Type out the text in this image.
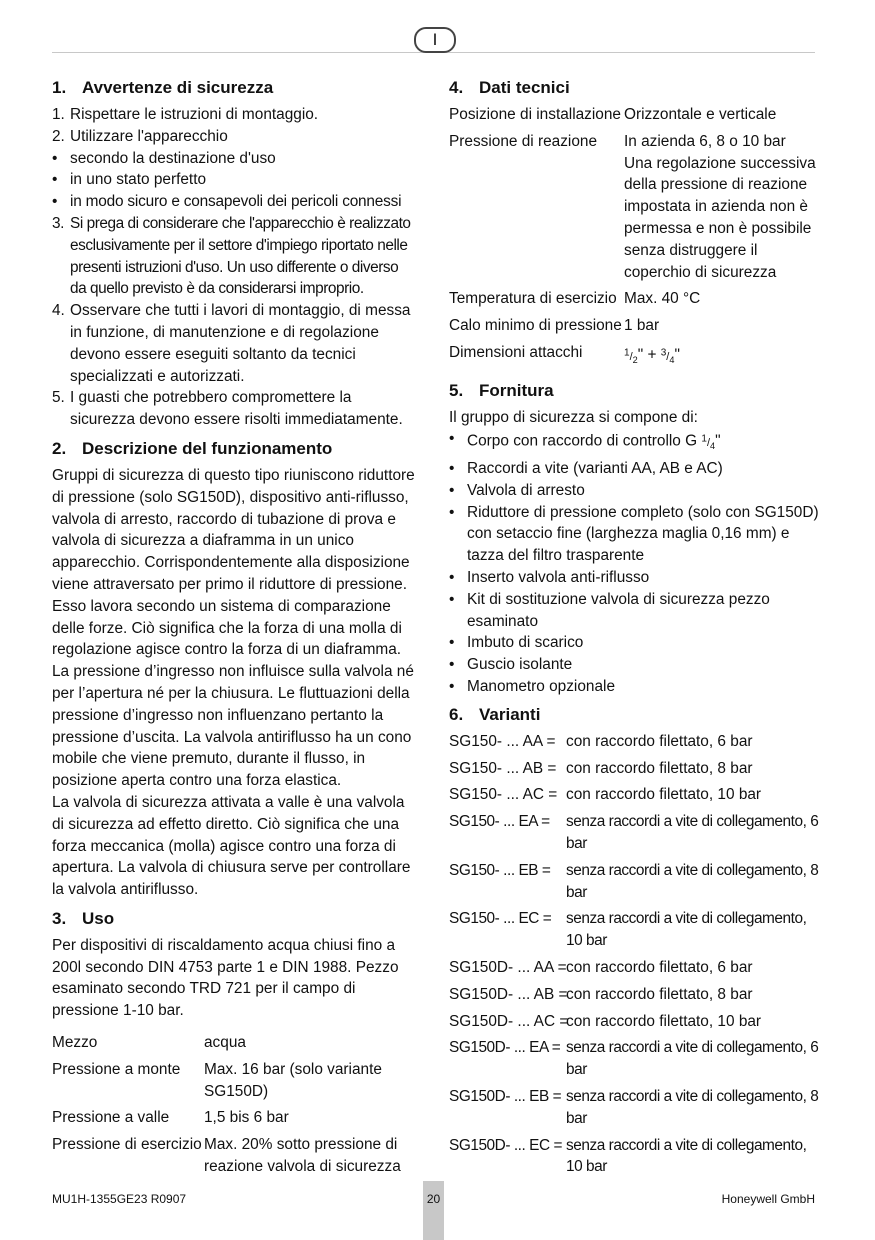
I
1. Avvertenze di sicurezza
1. Rispettare le istruzioni di montaggio.
2. Utilizzare l'apparecchio
• secondo la destinazione d'uso
• in uno stato perfetto
• in modo sicuro e consapevoli dei pericoli connessi
3. Si prega di considerare che l'apparecchio è realizzato esclusivamente per il settore d'impiego riportato nelle presenti istruzioni d'uso. Un uso differente o diverso da quello previsto è da considerarsi improprio.
4. Osservare che tutti i lavori di montaggio, di messa in funzione, di manutenzione e di regolazione devono essere eseguiti soltanto da tecnici specializzati e autorizzati.
5. I guasti che potrebbero compromettere la sicurezza devono essere risolti immediatamente.
2. Descrizione del funzionamento

Gruppi di sicurezza di questo tipo riuniscono riduttore di pressione (solo SG150D), dispositivo anti-riflusso, valvola di arresto, raccordo di tubazione di prova e valvola di sicurezza a diaframma in un unico apparecchio. Corrispondentemente alla disposizione viene attraversato per primo il riduttore di pressione. Esso lavora secondo un sistema di comparazione delle forze. Ciò significa che la forza di una molla di regolazione agisce contro la forza di un diaframma. La pressione d’ingresso non influisce sulla valvola né per l’apertura né per la chiusura. Le fluttuazioni della pressione d’ingresso non influenzano pertanto la pressione d’uscita. La valvola antiriflusso ha un cono mobile che viene premuto, durante il flusso, in posizione aperta contro una forza elastica.

La valvola di sicurezza attivata a valle è una valvola di sicurezza ad effetto diretto. Ciò significa che una forza meccanica (molla) agisce contro una forza di apertura. La valvola di chiusura serve per controllare la valvola antiriflusso.

3. Uso

Per dispositivi di riscaldamento acqua chiusi fino a 200l secondo DIN 4753 parte 1 e DIN 1988. Pezzo esaminato secondo TRD 721 per il campo di pressione 1-10 bar.

Mezzo	acqua
Pressione a monte	Max. 16 bar (solo variante SG150D)
Pressione a valle	1,5 bis 6 bar
Pressione di esercizio Max. 20% sotto pressione di reazione valvola di sicurezza
4. Dati tecnici
Posizione di installazione Orizzontale e verticale
Pressione di reazione	In azienda 6, 8 o 10 bar
Una regolazione successiva della pressione di reazione impostata in azienda non è permessa e non è possibile senza distruggere il coperchio di sicurezza
Temperatura di esercizio Max. 40 °C
Calo minimo di pressione 1 bar
Dimensioni attacchi	$^1/_2$" + $^3/_4$"
5. Fornitura

Il gruppo di sicurezza si compone di:

• Corpo con raccordo di controllo G $^1/_4$"
• Raccordi a vite (varianti AA, AB e AC)
• Valvola di arresto
• Riduttore di pressione completo (solo con SG150D) con setaccio fine (larghezza maglia 0,16 mm) e tazza del filtro trasparente
• Inserto valvola anti-riflusso
• Kit di sostituzione valvola di sicurezza pezzo esaminato
• Imbuto di scarico
• Guscio isolante
• Manometro opzionale
6. Varianti
SG150- ... AA = con raccordo filettato, 6 bar
SG150- ... AB = con raccordo filettato, 8 bar
SG150- ... AC = con raccordo filettato, 10 bar
SG150- ... EA =	senza raccordi a vite di collegamento, 6 bar
SG150- ... EB =	senza raccordi a vite di collegamento, 8 bar
SG150- ... EC = senza raccordi a vite di collegamento, 10 bar
SG150D- ... AA = con raccordo filettato, 6 bar
SG150D- ... AB =
con raccordo filettato, 8 bar
SG150D- ... AC =
con raccordo filettato, 10 bar
SG150D- ... EA = senza raccordi a vite di collegamento, 6 bar
SG150D- ... EB = senza raccordi a vite di collegamento, 8 bar
SG150D- ... EC = senza raccordi a vite di collegamento, 10 bar
MU1H-1355GE23 R0907	20	Honeywell GmbH
